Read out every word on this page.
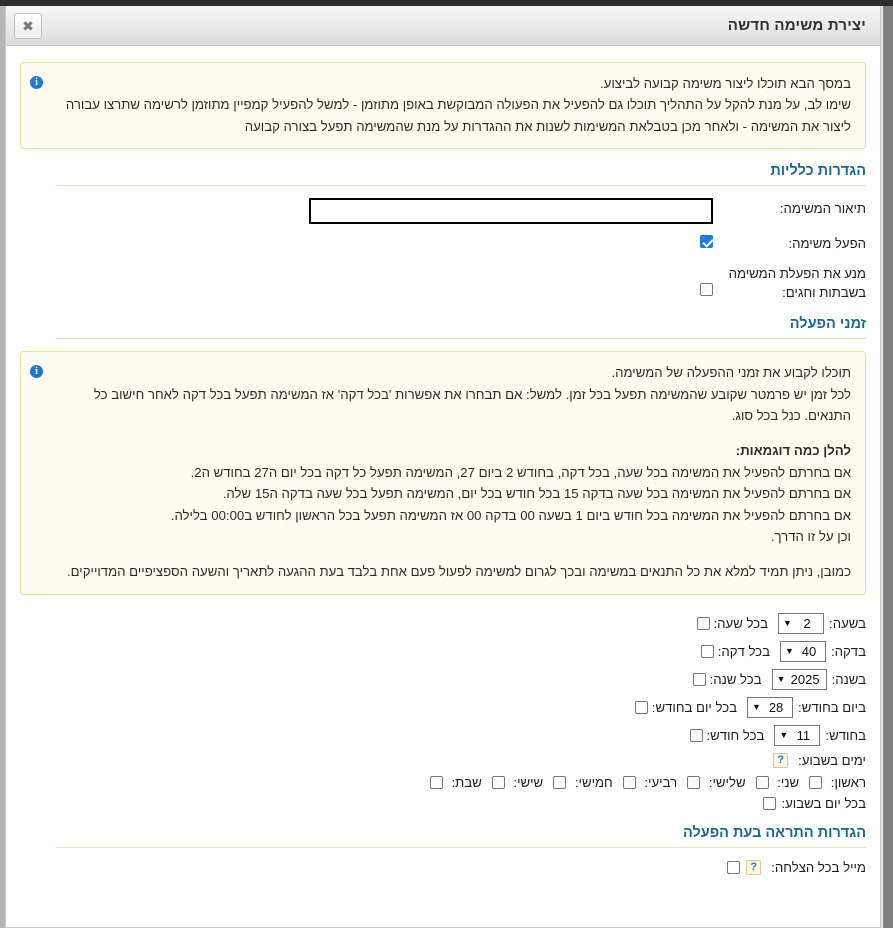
יצירת משימה חדשה
✖
i	במסך הבא תוכלו ליצור משימה קבועה לביצוע.

שימו לב, על מנת להקל על התהליך תוכלו גם להפעיל את הפעולה המבוקשת באופן מתוזמן - למשל להפעיל קמפיין מתוזמן לרשימה שתרצו עבורה ליצור את המשימה - ולאחר מכן בטבלאת המשימות לשנות את ההגדרות על מנת שהמשימה תפעל בצורה קבועה

הגדרות כלליות
תיאור המשימה:
הפעל משימה:
מנע את הפעלת המשימה בשבתות וחגים:
זמני הפעלה
i	תוכלו לקבוע את זמני ההפעלה של המשימה.

לכל זמן יש פרמטר שקובע שהמשימה תפעל בכל זמן. למשל: אם תבחרו את אפשרות 'בכל דקה' אז המשימה תפעל בכל דקה לאחר חישוב כל התנאים. כנל בכל סוג.

להלן כמה דוגמאות:

אם בחרתם להפעיל את המשימה בכל שעה, בכל דקה, בחודש 2 ביום 27, המשימה תפעל כל דקה בכל יום ה27 בחודש ה2.

אם בחרתם להפעיל את המשימה בכל שעה בדקה 15 בכל חודש בכל יום, המשימה תפעל בכל שעה בדקה ה15 שלה.

אם בחרתם להפעיל את המשימה בכל חודש ביום 1 בשעה 00 בדקה 00 אז המשימה תפעל בכל הראשון לחודש ב00:00 בלילה.

וכן על זו הדרך.

כמובן, ניתן תמיד למלא את כל התנאים במשימה ובכך לגרום למשימה לפעול פעם אחת בלבד בעת ההגעה לתאריך והשעה הספציפיים המדוייקים.

בשעה:
2
▼
בכל שעה:
בדקה:
40
▼
בכל דקה:
בשנה:
2025
▼
בכל שנה:
ביום בחודש:
28
▼
בכל יום בחודש:
בחודש:
11
▼
בכל חודש:
ימים בשבוע:
?
ראשון:
שני:
שלישי:
רביעי:
חמישי:
שישי:
שבת:
בכל יום בשבוע:
הגדרות התראה בעת הפעלה
מייל בכל הצלחה:
?
